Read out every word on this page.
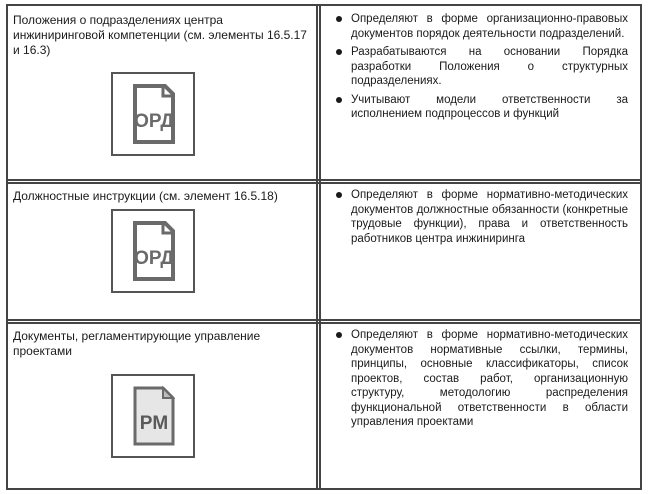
Положения о подразделениях центра инжиниринговой компетенции (см. элементы 16.5.17 и 16.3)

ОРД
Определяют в форме организационно-правовых документов порядок деятельности подразделений.
Разрабатываются на основании Порядка разработки Положения о структурных подразделениях.
Учитывают модели ответственности за исполнением подпроцессов и функций

Должностные инструкции (см. элемент 16.5.18)

ОРД
Определяют в форме нормативно-методических документов должностные обязанности (конкретные трудовые функции), права и ответственность работников центра инжиниринга

Документы, регламентирующие управление проектами

PM
Определяют в форме нормативно-методических документов нормативные ссылки, термины, принципы, основные классификаторы, список проектов, состав работ, организационную структуру, методологию распределения функциональной ответственности в области управления проектами
